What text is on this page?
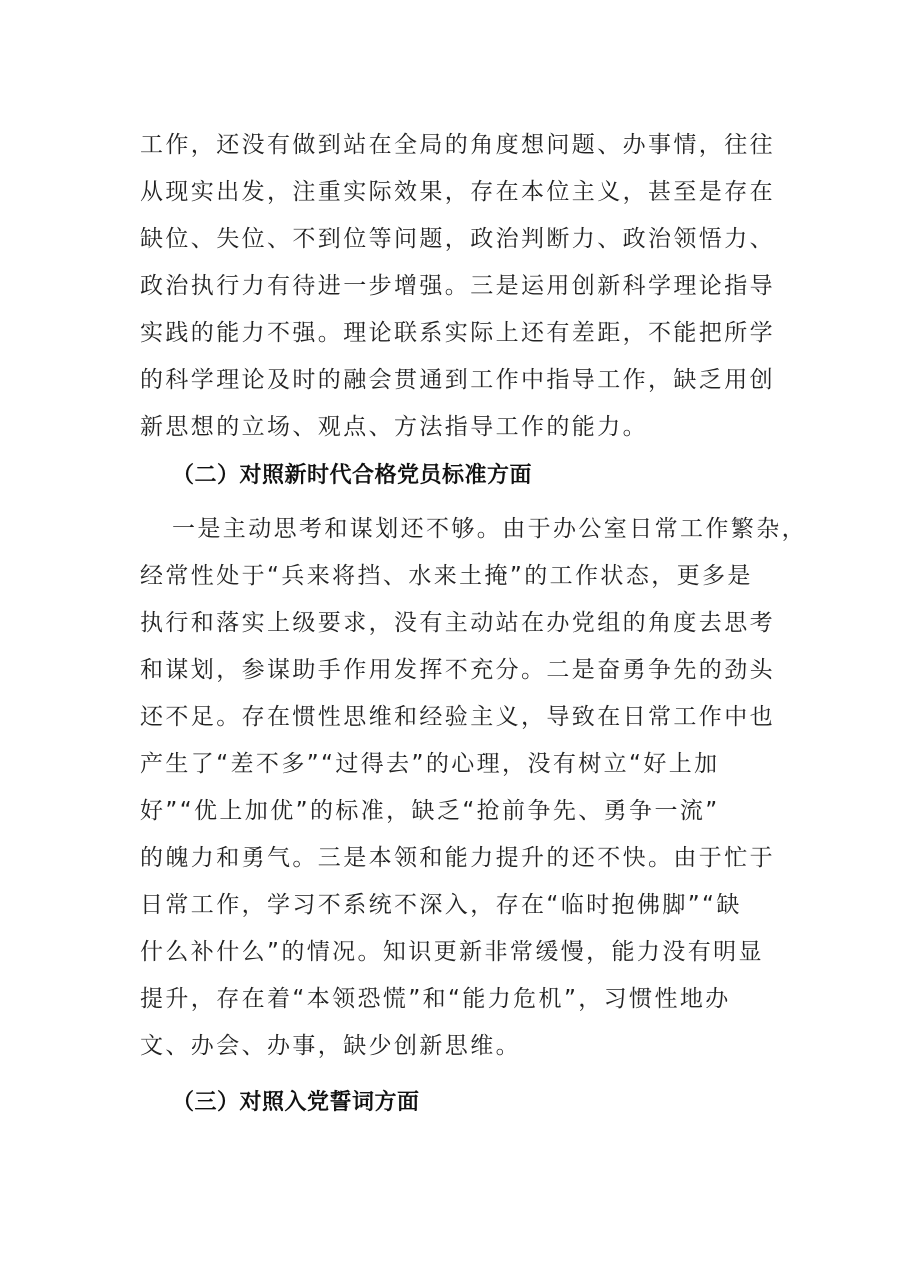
工作，还没有做到站在全局的角度想问题、办事情，往往
从现实出发，注重实际效果，存在本位主义，甚至是存在
缺位、失位、不到位等问题，政治判断力、政治领悟力、
政治执行力有待进一步增强。三是运用创新科学理论指导
实践的能力不强。理论联系实际上还有差距，不能把所学
的科学理论及时的融会贯通到工作中指导工作，缺乏用创
新思想的立场、观点、方法指导工作的能力。
（二）对照新时代合格党员标准方面
一是主动思考和谋划还不够。由于办公室日常工作繁杂，
经常性处于“兵来将挡、水来土掩”的工作状态，更多是
执行和落实上级要求，没有主动站在办党组的角度去思考
和谋划，参谋助手作用发挥不充分。二是奋勇争先的劲头
还不足。存在惯性思维和经验主义，导致在日常工作中也
产生了“差不多”“过得去”的心理，没有树立“好上加
好”“优上加优”的标准，缺乏“抢前争先、勇争一流”
的魄力和勇气。三是本领和能力提升的还不快。由于忙于
日常工作，学习不系统不深入，存在“临时抱佛脚”“缺
什么补什么”的情况。知识更新非常缓慢，能力没有明显
提升，存在着“本领恐慌”和“能力危机”，习惯性地办
文、办会、办事，缺少创新思维。
（三）对照入党誓词方面
